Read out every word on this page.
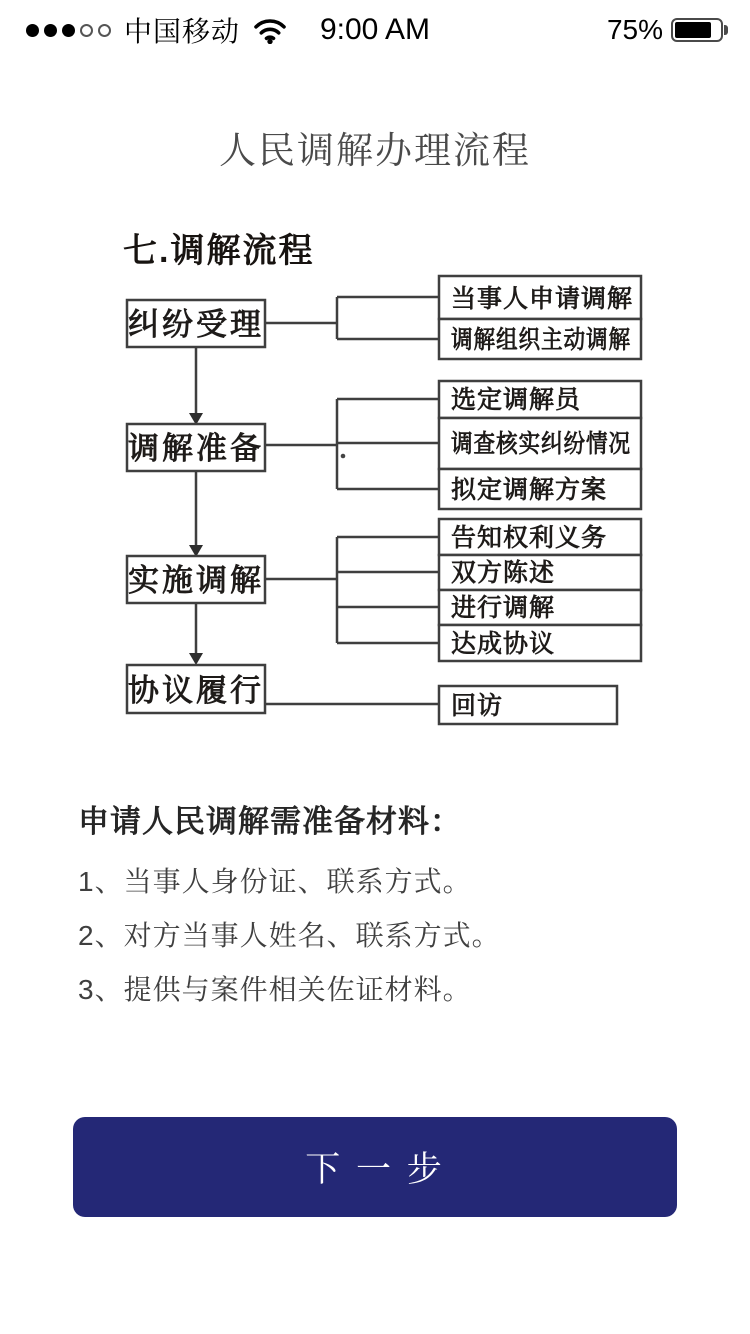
中国移动	9:00 AM	75%
人民调解办理流程
七.调解流程
纠纷受理
调解准备
实施调解
协议履行
当事人申请调解
调解组织主动调解
选定调解员
调查核实纠纷情况
拟定调解方案
告知权利义务
双方陈述
进行调解
达成协议
回访
申请人民调解需准备材料：
1、当事人身份证、联系方式。
2、对方当事人姓名、联系方式。
3、提供与案件相关佐证材料。
下 一 步
